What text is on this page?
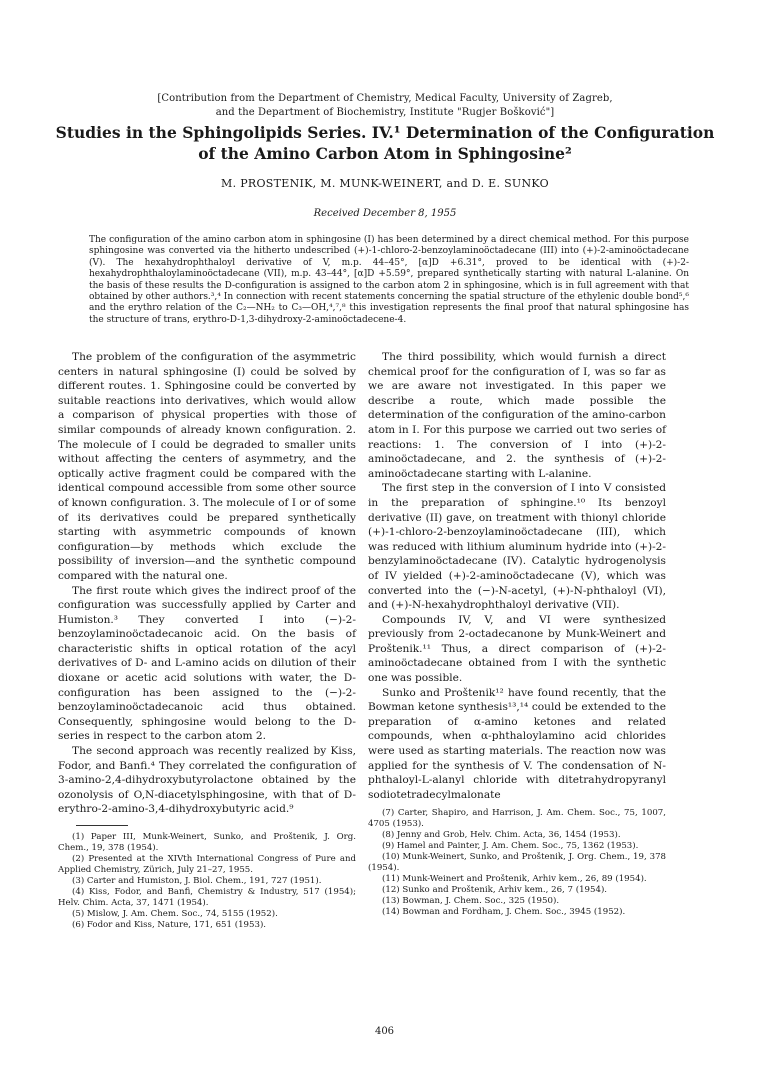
[Contribution from the Department of Chemistry, Medical Faculty, University of Zagreb,
and the Department of Biochemistry, Institute "Rugjer Bošković"]
Studies in the Sphingolipids Series. IV.¹ Determination of the Configuration
of the Amino Carbon Atom in Sphingosine²
M. PROSTENIK, M. MUNK-WEINERT, and D. E. SUNKO
Received December 8, 1955
The configuration of the amino carbon atom in sphingosine (I) has been determined by a direct chemical method. For this purpose sphingosine was converted via the hitherto undescribed (+)-1-chloro-2-benzoylaminoöctadecane (III) into (+)-2-aminoöctadecane (V). The hexahydrophthaloyl derivative of V, m.p. 44–45°, [α]D +6.31°, proved to be identical with (+)-2-hexahydrophthaloylaminoöctadecane (VII), m.p. 43–44°, [α]D +5.59°, prepared synthetically starting with natural L-alanine. On the basis of these results the D-configuration is assigned to the carbon atom 2 in sphingosine, which is in full agreement with that obtained by other authors.³,⁴ In connection with recent statements concerning the spatial structure of the ethylenic double bond⁵,⁶ and the erythro relation of the C₂—NH₂ to C₃—OH,⁴,⁷,⁸ this investigation represents the final proof that natural sphingosine has the structure of trans, erythro-D-1,3-dihydroxy-2-aminoöctadecene-4.

The problem of the configuration of the asymmetric centers in natural sphingosine (I) could be solved by different routes. 1. Sphingosine could be converted by suitable reactions into derivatives, which would allow a comparison of physical properties with those of similar compounds of already known configuration. 2. The molecule of I could be degraded to smaller units without affecting the centers of asymmetry, and the optically active fragment could be compared with the identical compound accessible from some other source of known configuration. 3. The molecule of I or of some of its derivatives could be prepared synthetically starting with asymmetric compounds of known configuration—by methods which exclude the possibility of inversion—and the synthetic compound compared with the natural one.

The first route which gives the indirect proof of the configuration was successfully applied by Carter and Humiston.³ They converted I into (−)-2-benzoylaminoöctadecanoic acid. On the basis of characteristic shifts in optical rotation of the acyl derivatives of D- and L-amino acids on dilution of their dioxane or acetic acid solutions with water, the D-configuration has been assigned to the (−)-2-benzoylaminoöctadecanoic acid thus obtained. Consequently, sphingosine would belong to the D-series in respect to the carbon atom 2.

The second approach was recently realized by Kiss, Fodor, and Banfi.⁴ They correlated the configuration of 3-amino-2,4-dihydroxybutyrolactone obtained by the ozonolysis of O,N-diacetylsphingosine, with that of D-erythro-2-amino-3,4-dihydroxybutyric acid.⁹

(1) Paper III, Munk-Weinert, Sunko, and Proštenik, J. Org. Chem., 19, 378 (1954).
(2) Presented at the XIVth International Congress of Pure and Applied Chemistry, Zürich, July 21–27, 1955.
(3) Carter and Humiston, J. Biol. Chem., 191, 727 (1951).
(4) Kiss, Fodor, and Banfi, Chemistry & Industry, 517 (1954); Helv. Chim. Acta, 37, 1471 (1954).
(5) Mislow, J. Am. Chem. Soc., 74, 5155 (1952).
(6) Fodor and Kiss, Nature, 171, 651 (1953).

The third possibility, which would furnish a direct chemical proof for the configuration of I, was so far as we are aware not investigated. In this paper we describe a route, which made possible the determination of the configuration of the amino-carbon atom in I. For this purpose we carried out two series of reactions: 1. The conversion of I into (+)-2-aminoöctadecane, and 2. the synthesis of (+)-2-aminoöctadecane starting with L-alanine.

The first step in the conversion of I into V consisted in the preparation of sphingine.¹⁰ Its benzoyl derivative (II) gave, on treatment with thionyl chloride (+)-1-chloro-2-benzoylaminoöctadecane (III), which was reduced with lithium aluminum hydride into (+)-2-benzylaminoöctadecane (IV). Catalytic hydrogenolysis of IV yielded (+)-2-aminoöctadecane (V), which was converted into the (−)-N-acetyl, (+)-N-phthaloyl (VI), and (+)-N-hexahydrophthaloyl derivative (VII).

Compounds IV, V, and VI were synthesized previously from 2-octadecanone by Munk-Weinert and Proštenik.¹¹ Thus, a direct comparison of (+)-2-aminoöctadecane obtained from I with the synthetic one was possible.

Sunko and Proštenik¹² have found recently, that the Bowman ketone synthesis¹³,¹⁴ could be extended to the preparation of α-amino ketones and related compounds, when α-phthaloylamino acid chlorides were used as starting materials. The reaction now was applied for the synthesis of V. The condensation of N-phthaloyl-L-alanyl chloride with ditetrahydropyranyl sodiotetradecylmalonate

(7) Carter, Shapiro, and Harrison, J. Am. Chem. Soc., 75, 1007, 4705 (1953).
(8) Jenny and Grob, Helv. Chim. Acta, 36, 1454 (1953).
(9) Hamel and Painter, J. Am. Chem. Soc., 75, 1362 (1953).
(10) Munk-Weinert, Sunko, and Proštenik, J. Org. Chem., 19, 378 (1954).
(11) Munk-Weinert and Proštenik, Arhiv kem., 26, 89 (1954).
(12) Sunko and Proštenik, Arhiv kem., 26, 7 (1954).
(13) Bowman, J. Chem. Soc., 325 (1950).
(14) Bowman and Fordham, J. Chem. Soc., 3945 (1952).
406
